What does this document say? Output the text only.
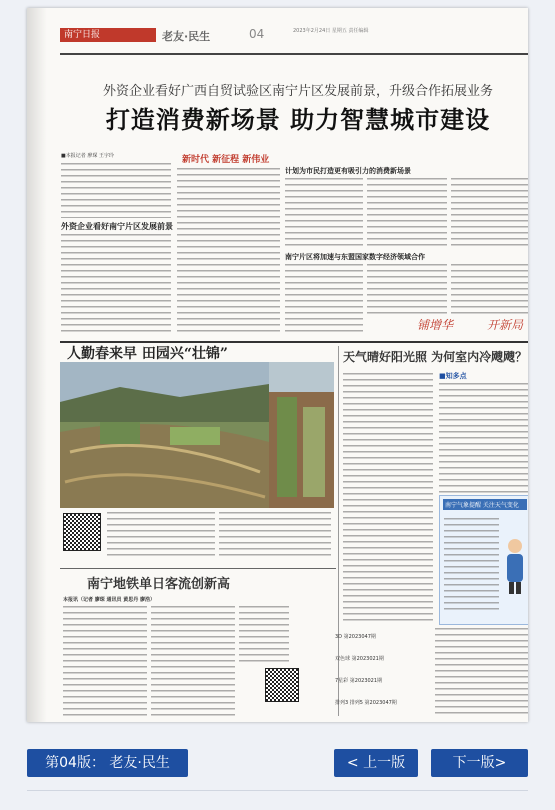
南宁日报	老友·民生	04	2023年2月24日 星期五 责任编辑
外资企业看好广西自贸试验区南宁片区发展前景，升级合作拓展业务
打造消费新场景 助力智慧城市建设
■本报记者 廖琛 王宇玲	新时代 新征程 新伟业
外资企业看好南宁片区发展前景
计划为市民打造更有吸引力的消费新场景
南宁片区将加速与东盟国家数字经济领域合作
铺增华	开新局
人勤春来早 田园兴“壮锦”
南宁地铁单日客流创新高
本报讯（记者 廖琛 通讯员 黄思丹 廖浩）
天气晴好阳光照 为何室内冷飕飕？
■知多点
南宁气象提醒 关注天气变化
3D 第2023047期
双色球 第2023021期
7星彩 第2023021期
排列3 排列5 第2023047期
第04版： 老友·民生	< 上一版	下一版>
